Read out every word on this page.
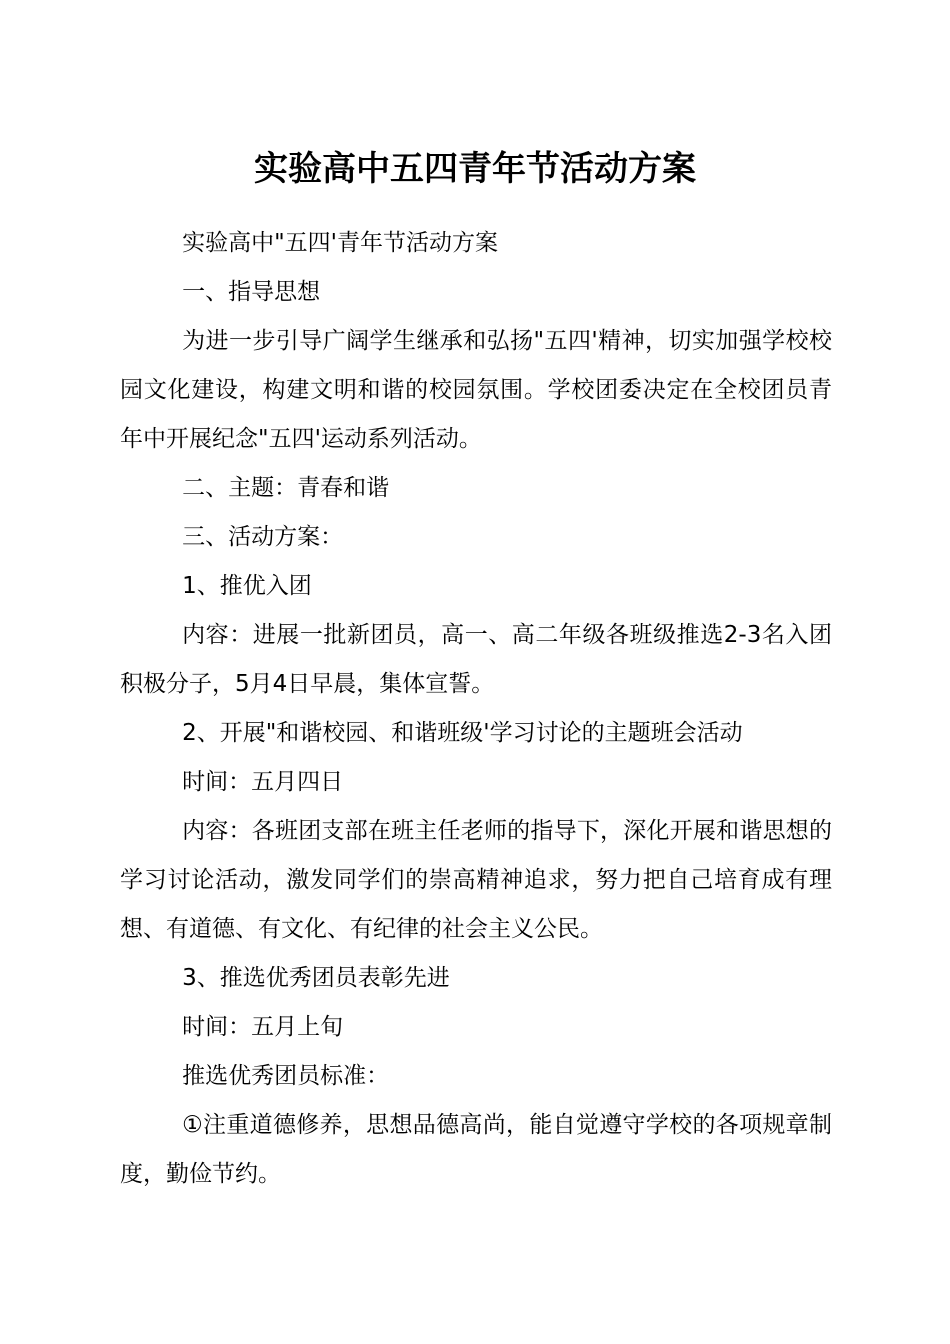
实验高中五四青年节活动方案

实验高中"五四'青年节活动方案

一、指导思想

为进一步引导广阔学生继承和弘扬"五四'精神，切实加强学校校园文化建设，构建文明和谐的校园氛围。学校团委决定在全校团员青年中开展纪念"五四'运动系列活动。

二、主题：青春和谐

三、活动方案：

1、推优入团

内容：进展一批新团员，高一、高二年级各班级推选2-3名入团积极分子，5月4日早晨，集体宣誓。

2、开展"和谐校园、和谐班级'学习讨论的主题班会活动

时间：五月四日

内容：各班团支部在班主任老师的指导下，深化开展和谐思想的学习讨论活动，激发同学们的崇高精神追求，努力把自己培育成有理想、有道德、有文化、有纪律的社会主义公民。

3、推选优秀团员表彰先进

时间：五月上旬

推选优秀团员标准：

①注重道德修养，思想品德高尚，能自觉遵守学校的各项规章制度，勤俭节约。
